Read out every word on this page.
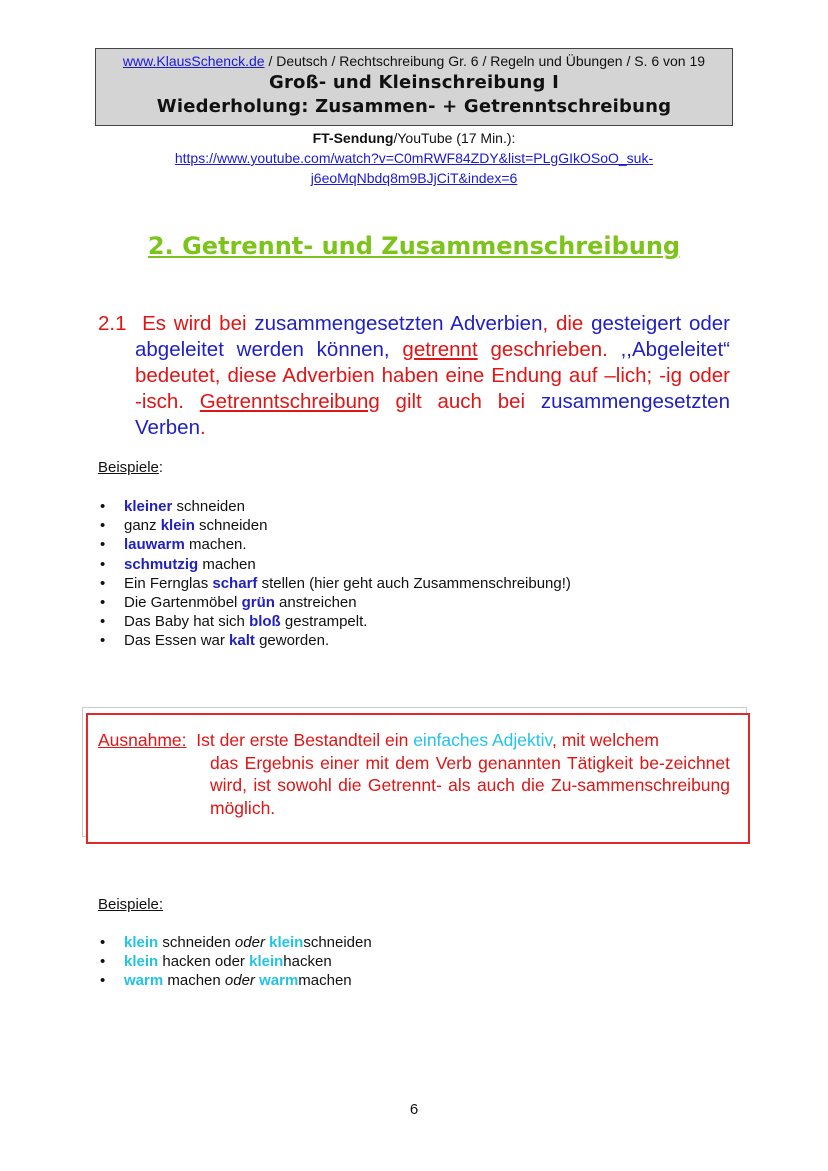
www.KlausSchenck.de / Deutsch / Rechtschreibung Gr. 6 / Regeln und Übungen / S. 6 von 19
Groß- und Kleinschreibung I
Wiederholung: Zusammen- + Getrenntschreibung
FT-Sendung/YouTube (17 Min.):
https://www.youtube.com/watch?v=C0mRWF84ZDY&list=PLgGIkOSoO_suk-
j6eoMqNbdq8m9BJjCiT&index=6
2. Getrennt- und Zusammenschreibung

2.1 Es wird bei zusammengesetzten Adverbien, die gesteigert oder abgeleitet werden können, getrennt geschrieben. ,,Abgeleitet“ bedeutet, diese Adverbien haben eine Endung auf –lich; -ig oder -isch. Getrenntschreibung gilt auch bei zusammengesetzten Verben.

Beispiele:
• kleiner schneiden
• ganz klein schneiden
• lauwarm machen.
• schmutzig machen
• Ein Fernglas scharf stellen (hier geht auch Zusammenschreibung!)
• Die Gartenmöbel grün anstreichen
• Das Baby hat sich bloß gestrampelt.
• Das Essen war kalt geworden.
Ausnahme: Ist der erste Bestandteil ein einfaches Adjektiv, mit welchem
das Ergebnis einer mit dem Verb genannten Tätigkeit be-zeichnet wird, ist sowohl die Getrennt- als auch die Zu-sammenschreibung möglich.
Beispiele:
• klein schneiden oder kleinschneiden
• klein hacken oder kleinhacken
• warm machen oder warmmachen
6
